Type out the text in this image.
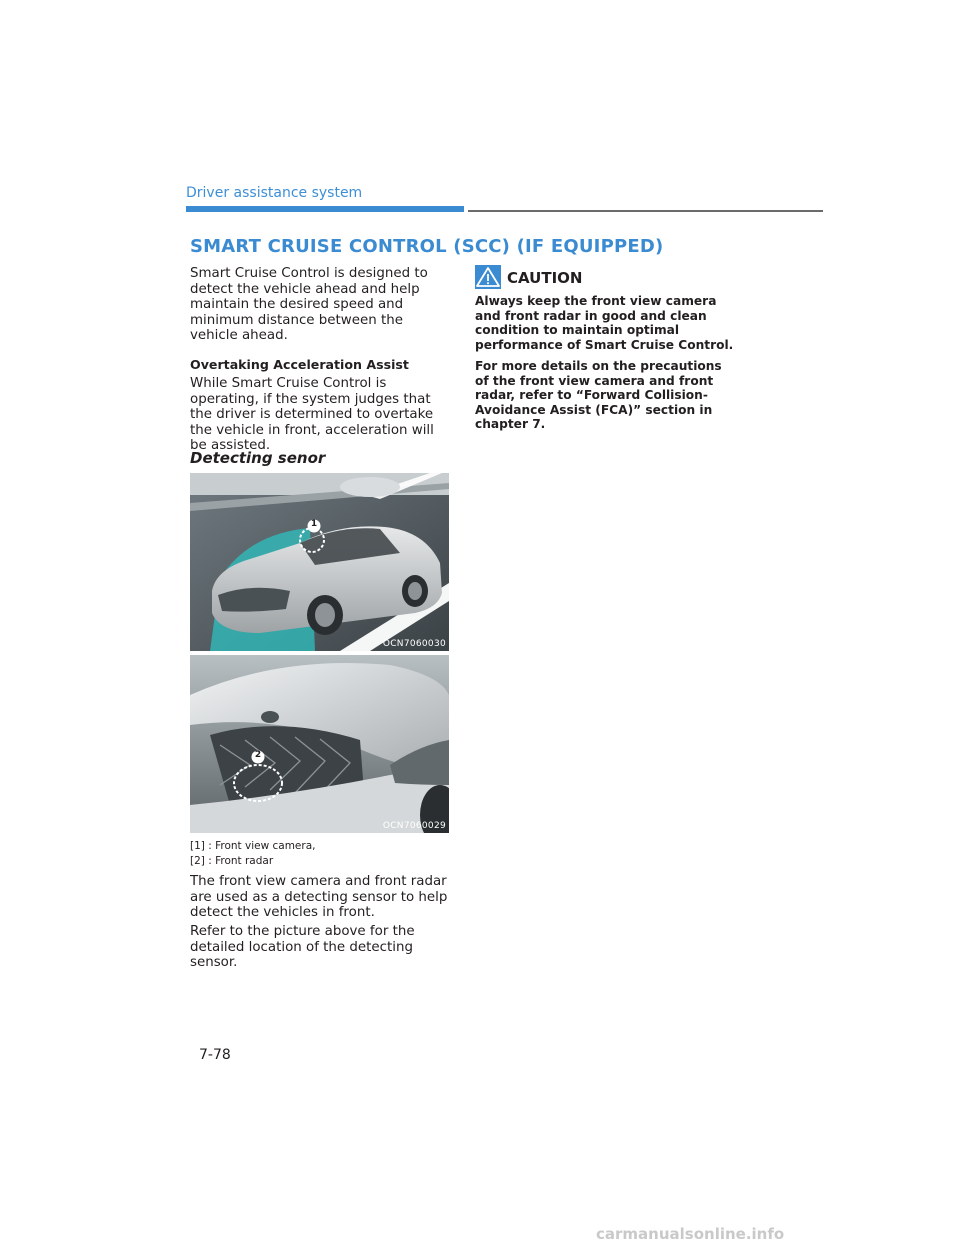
Driver assistance system
SMART CRUISE CONTROL (SCC) (IF EQUIPPED)
Smart Cruise Control is designed to detect the vehicle ahead and help maintain the desired speed and minimum distance between the vehicle ahead.
Overtaking Acceleration Assist
While Smart Cruise Control is operating, if the system judges that the driver is determined to overtake the vehicle in front, acceleration will be assisted.
Detecting senor
1
OCN7060030
2
OCN7060029
[1] : Front view camera,
[2] : Front radar
The front view camera and front radar are used as a detecting sensor to help detect the vehicles in front.
Refer to the picture above for the detailed location of the detecting sensor.
CAUTION
Always keep the front view camera and front radar in good and clean condition to maintain optimal performance of Smart Cruise Control.
For more details on the precautions of the front view camera and front radar, refer to “Forward Collision-Avoidance Assist (FCA)” section in chapter 7.
7-78
carmanualsonline.info
